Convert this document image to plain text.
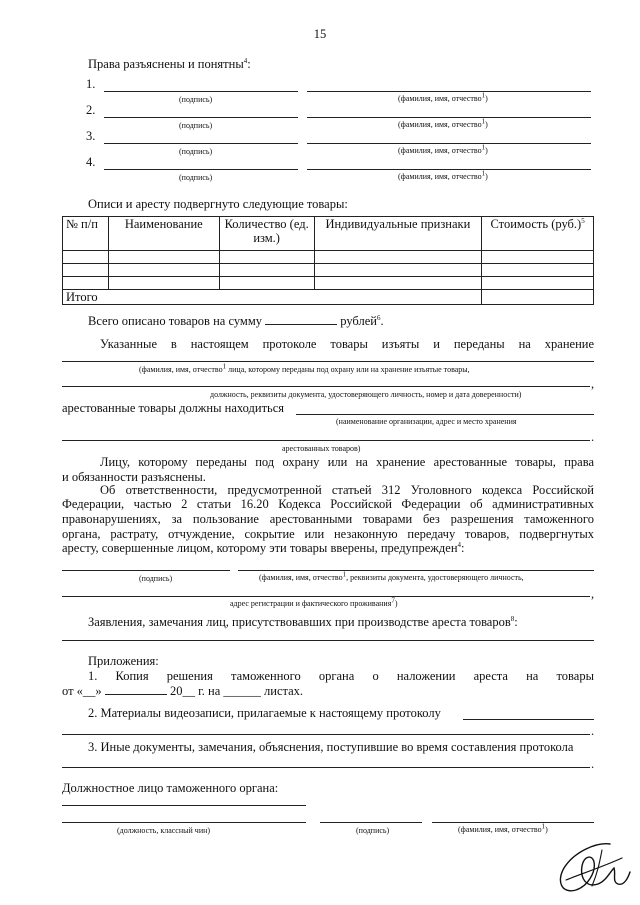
15
Права разъяснены и понятны$^4$:
1.
(подпись)	(фамилия, имя, отчество$^1$)
2.
(подпись)	(фамилия, имя, отчество$^1$)
3.
(подпись)	(фамилия, имя, отчество$^1$)
4.
(подпись)	(фамилия, имя, отчество$^1$)
Описи и аресту подвергнуто следующие товары:
№ п/п	Наименование	Количество (ед. изм.)	Индивидуальные признаки	Стоимость $(руб.)^5$

Итого				
Всего описано товаров на сумму	рублей$^6$.
Указанные в настоящем протоколе товары изъяты и переданы на хранение
(фамилия, имя, отчество$^1$ лица, которому переданы под охрану или на хранение изъятые товары,
,
должность, реквизиты документа, удостоверяющего личность, номер и дата доверенности)
арестованные товары должны находиться
(наименование организации, адрес и место хранения
.
арестованных товаров)
Лицу, которому переданы под охрану или на хранение арестованные товары, права
и обязанности разъяснены.
Об ответственности, предусмотренной статьей 312 Уголовного кодекса Российской
Федерации, частью 2 статьи 16.20 Кодекса Российской Федерации об административных
правонарушениях, за пользование арестованными товарами без разрешения таможенного
органа, растрату, отчуждение, сокрытие или незаконную передачу товаров, подвергнутых
аресту, совершенные лицом, которому эти товары вверены, предупрежден$^4$:
(подпись)	(фамилия, имя, отчество$^1$, реквизиты документа, удостоверяющего личность,
,
адрес регистрации и фактического проживания$^7$)
Заявления, замечания лиц, присутствовавших при производстве ареста товаров$^8$:
Приложения:
1. Копия решения таможенного органа о наложении ареста на товары
от «__»	20__ г. на ______ листах.
2. Материалы видеозаписи, прилагаемые к настоящему протоколу
.
3. Иные документы, замечания, объяснения, поступившие во время составления протокола
.
Должностное лицо таможенного органа:
(должность, классный чин)	(подпись)	(фамилия, имя, отчество$^1$)
